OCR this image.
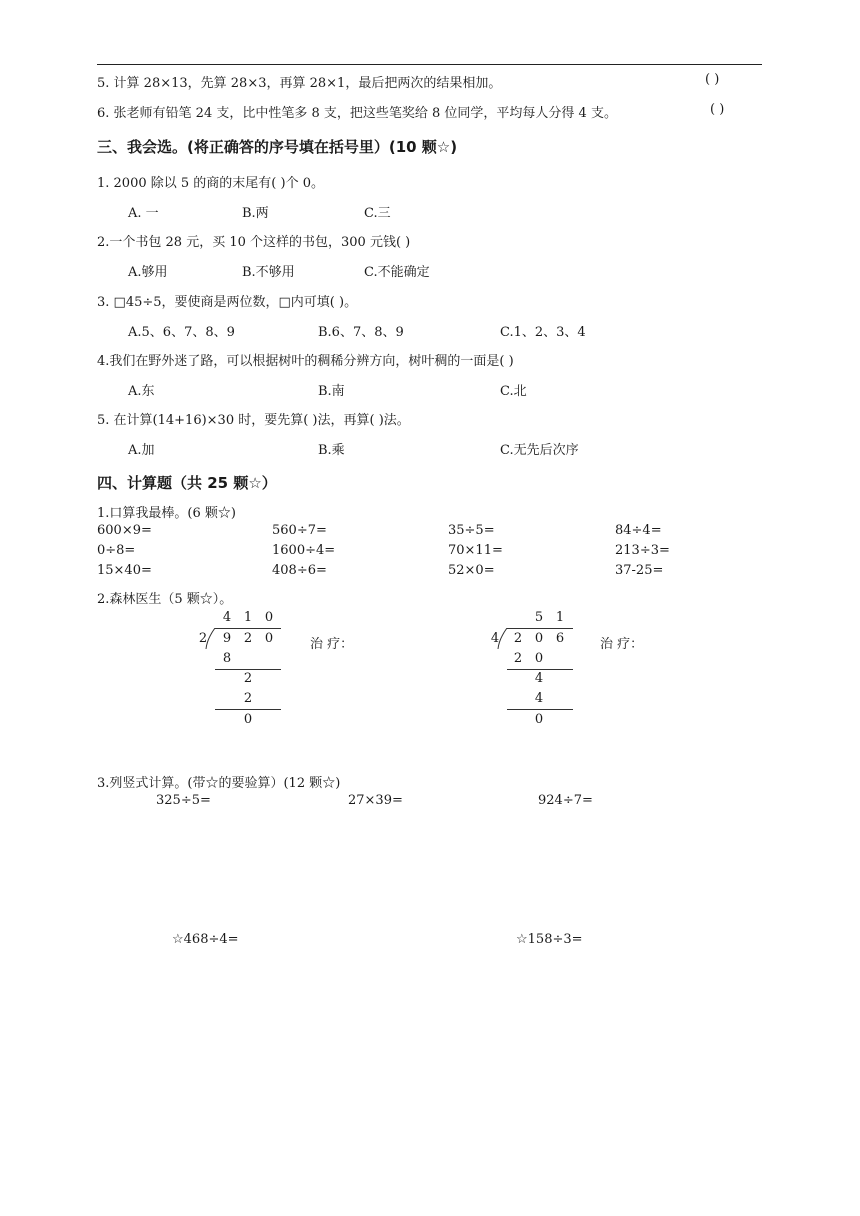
5. 计算 28×13，先算 28×3，再算 28×1，最后把两次的结果相加。	( )
6. 张老师有铅笔 24 支，比中性笔多 8 支，把这些笔奖给 8 位同学，平均每人分得 4 支。	( )
三、我会选。(将正确答的序号填在括号里）(10 颗☆)
1. 2000 除以 5 的商的末尾有( )个 0。
A. 一	B.两	C.三
2.一个书包 28 元，买 10 个这样的书包，300 元钱( )
A.够用	B.不够用	C.不能确定
3. □45÷5，要使商是两位数，□内可填( )。
A.5、6、7、8、9	B.6、7、8、9	C.1、2、3、4
4.我们在野外迷了路，可以根据树叶的稠稀分辨方向，树叶稠的一面是( )
A.东	B.南	C.北
5. 在计算(14+16)×30 时，要先算( )法，再算( )法。
A.加	B.乘	C.无先后次序
四、计算题（共 25 颗☆）
1.口算我最棒。(6 颗☆)
600×9=	560÷7=	35÷5=	84÷4=
0÷8=	1600÷4=	70×11=	213÷3=
15×40=	408÷6=	52×0=	37-25=
2.森林医生（5 颗☆）。
4 1 0
2 9 2 0
8
2
2
0
治 疗：
5 1
4 2 0 6
2 0
4
4
0
治 疗：
3.列竖式计算。(带☆的要验算）(12 颗☆)
325÷5=	27×39=	924÷7=
☆468÷4=	☆158÷3=
